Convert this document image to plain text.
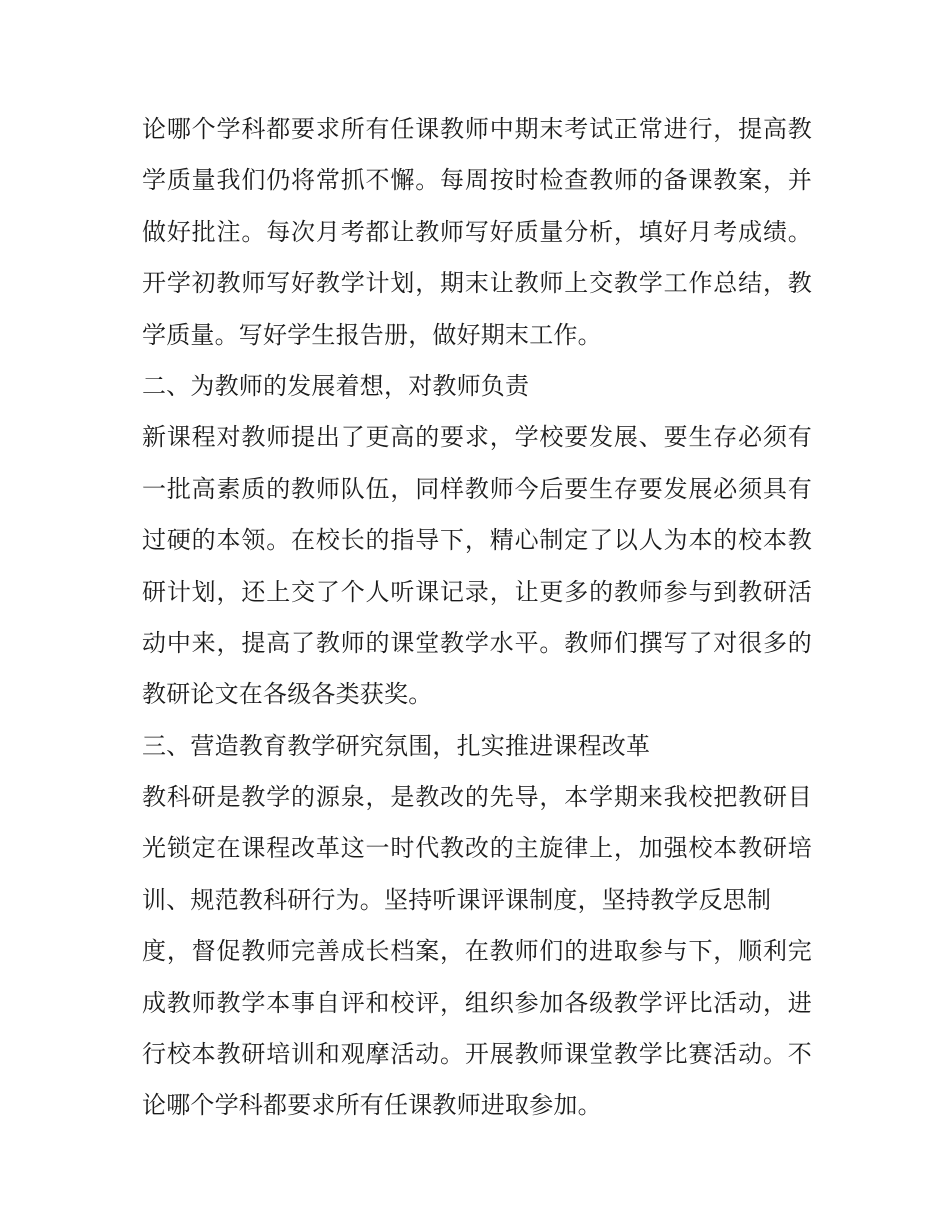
论哪个学科都要求所有任课教师中期末考试正常进行，提高教
学质量我们仍将常抓不懈。每周按时检查教师的备课教案，并
做好批注。每次月考都让教师写好质量分析，填好月考成绩。
开学初教师写好教学计划，期末让教师上交教学工作总结，教
学质量。写好学生报告册，做好期末工作。
二、为教师的发展着想，对教师负责
新课程对教师提出了更高的要求，学校要发展、要生存必须有
一批高素质的教师队伍，同样教师今后要生存要发展必须具有
过硬的本领。在校长的指导下，精心制定了以人为本的校本教
研计划，还上交了个人听课记录，让更多的教师参与到教研活
动中来，提高了教师的课堂教学水平。教师们撰写了对很多的
教研论文在各级各类获奖。
三、营造教育教学研究氛围，扎实推进课程改革
教科研是教学的源泉，是教改的先导，本学期来我校把教研目
光锁定在课程改革这一时代教改的主旋律上，加强校本教研培
训、规范教科研行为。坚持听课评课制度，坚持教学反思制
度，督促教师完善成长档案，在教师们的进取参与下，顺利完
成教师教学本事自评和校评，组织参加各级教学评比活动，进
行校本教研培训和观摩活动。开展教师课堂教学比赛活动。不
论哪个学科都要求所有任课教师进取参加。
